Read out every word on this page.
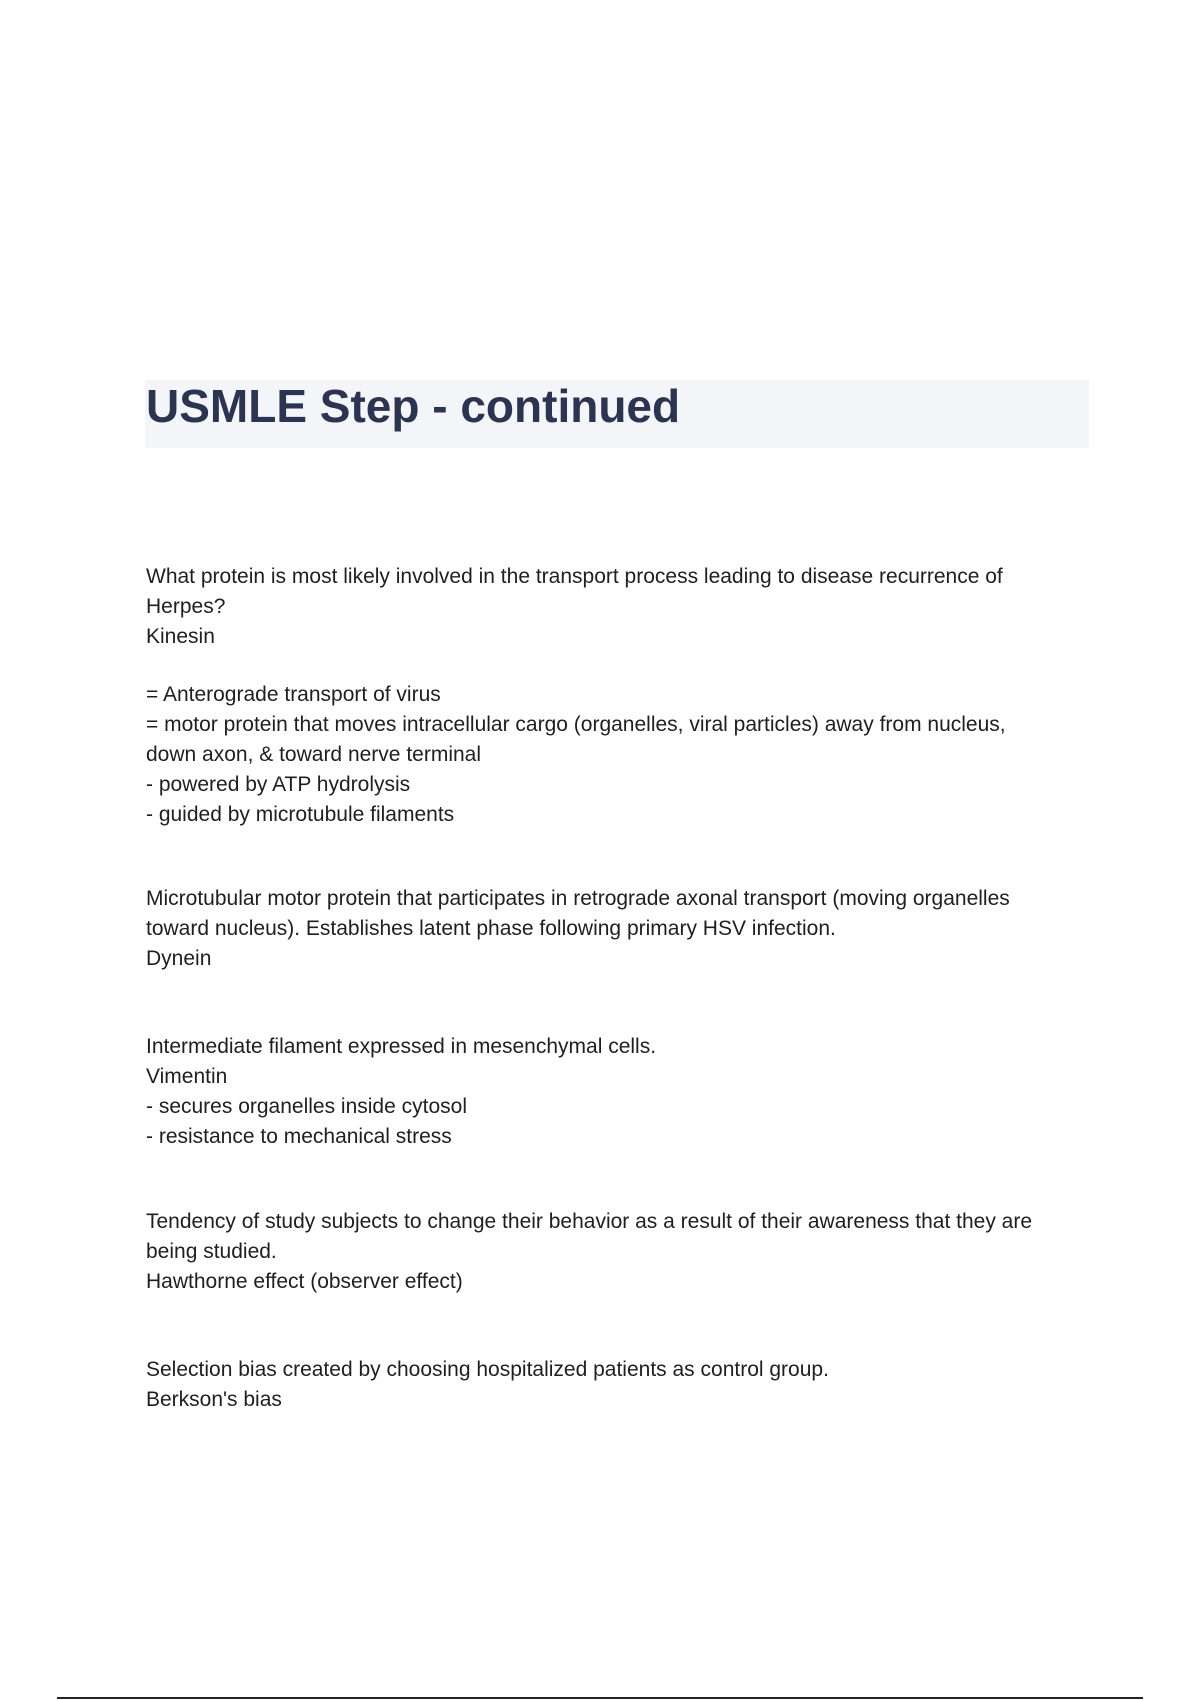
USMLE Step - continued
What protein is most likely involved in the transport process leading to disease recurrence of
Herpes?
Kinesin
= Anterograde transport of virus
= motor protein that moves intracellular cargo (organelles, viral particles) away from nucleus,
down axon, & toward nerve terminal
- powered by ATP hydrolysis
- guided by microtubule filaments
Microtubular motor protein that participates in retrograde axonal transport (moving organelles
toward nucleus). Establishes latent phase following primary HSV infection.
Dynein
Intermediate filament expressed in mesenchymal cells.
Vimentin
- secures organelles inside cytosol
- resistance to mechanical stress
Tendency of study subjects to change their behavior as a result of their awareness that they are
being studied.
Hawthorne effect (observer effect)
Selection bias created by choosing hospitalized patients as control group.
Berkson's bias
